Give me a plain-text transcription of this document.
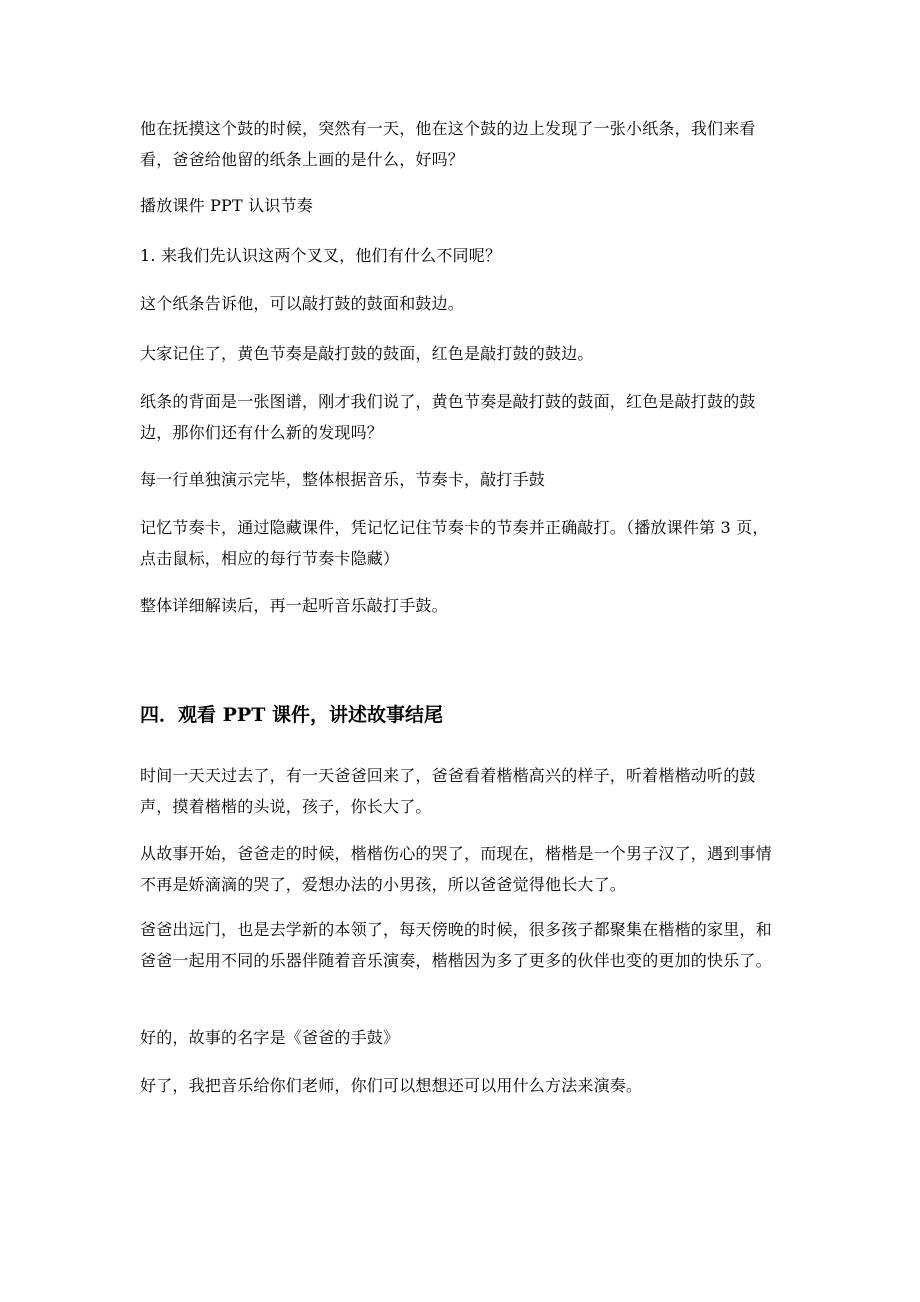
他在抚摸这个鼓的时候，突然有一天，他在这个鼓的边上发现了一张小纸条，我们来看看，爸爸给他留的纸条上画的是什么，好吗？

播放课件 PPT 认识节奏

1. 来我们先认识这两个叉叉，他们有什么不同呢？

这个纸条告诉他，可以敲打鼓的鼓面和鼓边。

大家记住了，黄色节奏是敲打鼓的鼓面，红色是敲打鼓的鼓边。

纸条的背面是一张图谱，刚才我们说了，黄色节奏是敲打鼓的鼓面，红色是敲打鼓的鼓边，那你们还有什么新的发现吗？

每一行单独演示完毕，整体根据音乐，节奏卡，敲打手鼓

记忆节奏卡，通过隐藏课件，凭记忆记住节奏卡的节奏并正确敲打。（播放课件第 3 页，点击鼠标，相应的每行节奏卡隐藏）

整体详细解读后，再一起听音乐敲打手鼓。

四．观看 PPT 课件，讲述故事结尾

时间一天天过去了，有一天爸爸回来了，爸爸看着楷楷高兴的样子，听着楷楷动听的鼓声，摸着楷楷的头说，孩子，你长大了。

从故事开始，爸爸走的时候，楷楷伤心的哭了，而现在，楷楷是一个男子汉了，遇到事情不再是娇滴滴的哭了，爱想办法的小男孩，所以爸爸觉得他长大了。

爸爸出远门，也是去学新的本领了，每天傍晚的时候，很多孩子都聚集在楷楷的家里，和爸爸一起用不同的乐器伴随着音乐演奏，楷楷因为多了更多的伙伴也变的更加的快乐了。

好的，故事的名字是《爸爸的手鼓》

好了，我把音乐给你们老师，你们可以想想还可以用什么方法来演奏。
